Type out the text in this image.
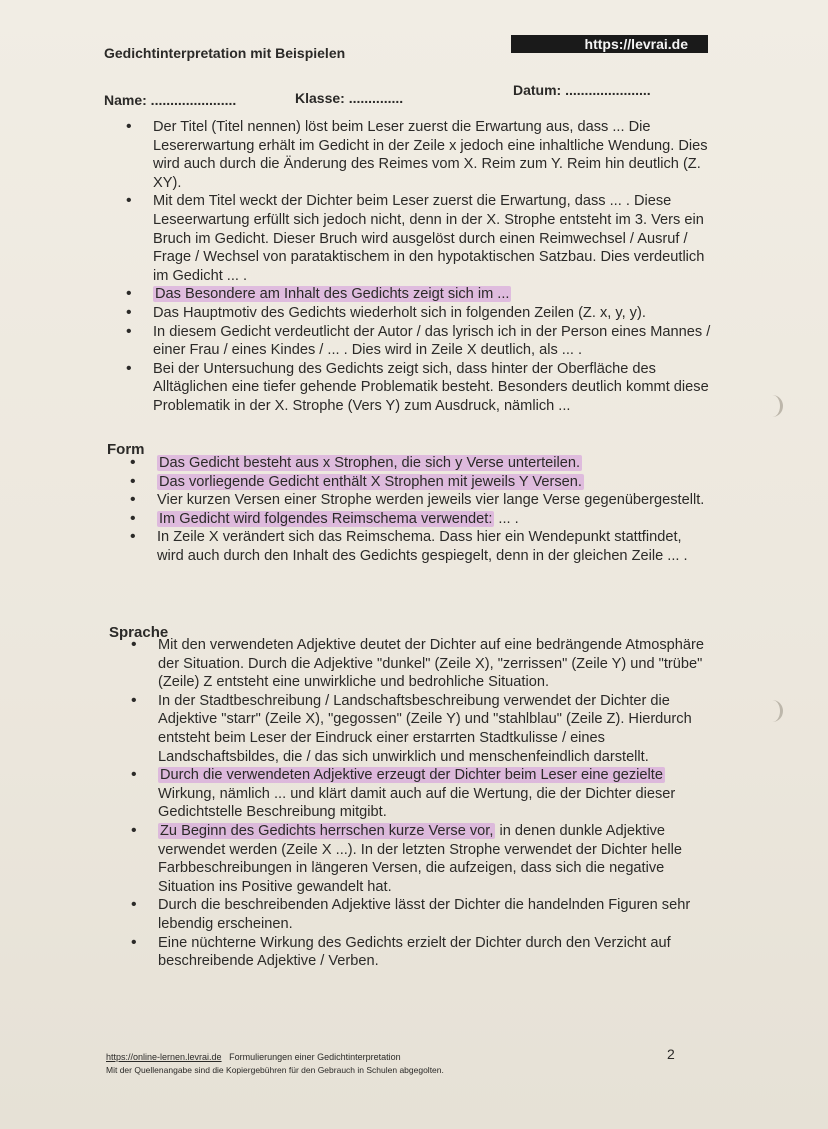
Gedichtinterpretation mit Beispielen
https://levrai.de
Name: ......................	Klasse: ..............	Datum: ......................
• Der Titel (Titel nennen) löst beim Leser zuerst die Erwartung aus, dass ... Die Lesererwartung erhält im Gedicht in der Zeile x jedoch eine inhaltliche Wendung. Dies wird auch durch die Änderung des Reimes vom X. Reim zum Y. Reim hin deutlich (Z. XY).
• Mit dem Titel weckt der Dichter beim Leser zuerst die Erwartung, dass ... . Diese Leseerwartung erfüllt sich jedoch nicht, denn in der X. Strophe entsteht im 3. Vers ein Bruch im Gedicht. Dieser Bruch wird ausgelöst durch einen Reimwechsel / Ausruf / Frage / Wechsel von parataktischem in den hypotaktischen Satzbau. Dies verdeutlich im Gedicht ... .
• Das Besondere am Inhalt des Gedichts zeigt sich im ...
• Das Hauptmotiv des Gedichts wiederholt sich in folgenden Zeilen (Z. x, y, y).
• In diesem Gedicht verdeutlicht der Autor / das lyrisch ich in der Person eines Mannes / einer Frau / eines Kindes / ... . Dies wird in Zeile X deutlich, als ... .
• Bei der Untersuchung des Gedichts zeigt sich, dass hinter der Oberfläche des Alltäglichen eine tiefer gehende Problematik besteht. Besonders deutlich kommt diese Problematik in der X. Strophe (Vers Y) zum Ausdruck, nämlich ...
Form
• Das Gedicht besteht aus x Strophen, die sich y Verse unterteilen.
• Das vorliegende Gedicht enthält X Strophen mit jeweils Y Versen.
• Vier kurzen Versen einer Strophe werden jeweils vier lange Verse gegenübergestellt.
• Im Gedicht wird folgendes Reimschema verwendet: ... .
• In Zeile X verändert sich das Reimschema. Dass hier ein Wendepunkt stattfindet, wird auch durch den Inhalt des Gedichts gespiegelt, denn in der gleichen Zeile ... .
Sprache
• Mit den verwendeten Adjektive deutet der Dichter auf eine bedrängende Atmosphäre der Situation. Durch die Adjektive "dunkel" (Zeile X), "zerrissen" (Zeile Y) und "trübe" (Zeile) Z entsteht eine unwirkliche und bedrohliche Situation.
• In der Stadtbeschreibung / Landschaftsbeschreibung verwendet der Dichter die Adjektive "starr" (Zeile X), "gegossen" (Zeile Y) und "stahlblau" (Zeile Z). Hierdurch entsteht beim Leser der Eindruck einer erstarrten Stadtkulisse / eines Landschaftsbildes, die / das sich unwirklich und menschenfeindlich darstellt.
• Durch die verwendeten Adjektive erzeugt der Dichter beim Leser eine gezielte Wirkung, nämlich ... und klärt damit auch auf die Wertung, die der Dichter dieser Gedichtstelle Beschreibung mitgibt.
• Zu Beginn des Gedichts herrschen kurze Verse vor, in denen dunkle Adjektive verwendet werden (Zeile X ...). In der letzten Strophe verwendet der Dichter helle Farbbeschreibungen in längeren Versen, die aufzeigen, dass sich die negative Situation ins Positive gewandelt hat.
• Durch die beschreibenden Adjektive lässt der Dichter die handelnden Figuren sehr lebendig erscheinen.
• Eine nüchterne Wirkung des Gedichts erzielt der Dichter durch den Verzicht auf beschreibende Adjektive / Verben.
https://online-lernen.levrai.de Formulierungen einer Gedichtinterpretation
Mit der Quellenangabe sind die Kopiergebühren für den Gebrauch in Schulen abgegolten.
2
